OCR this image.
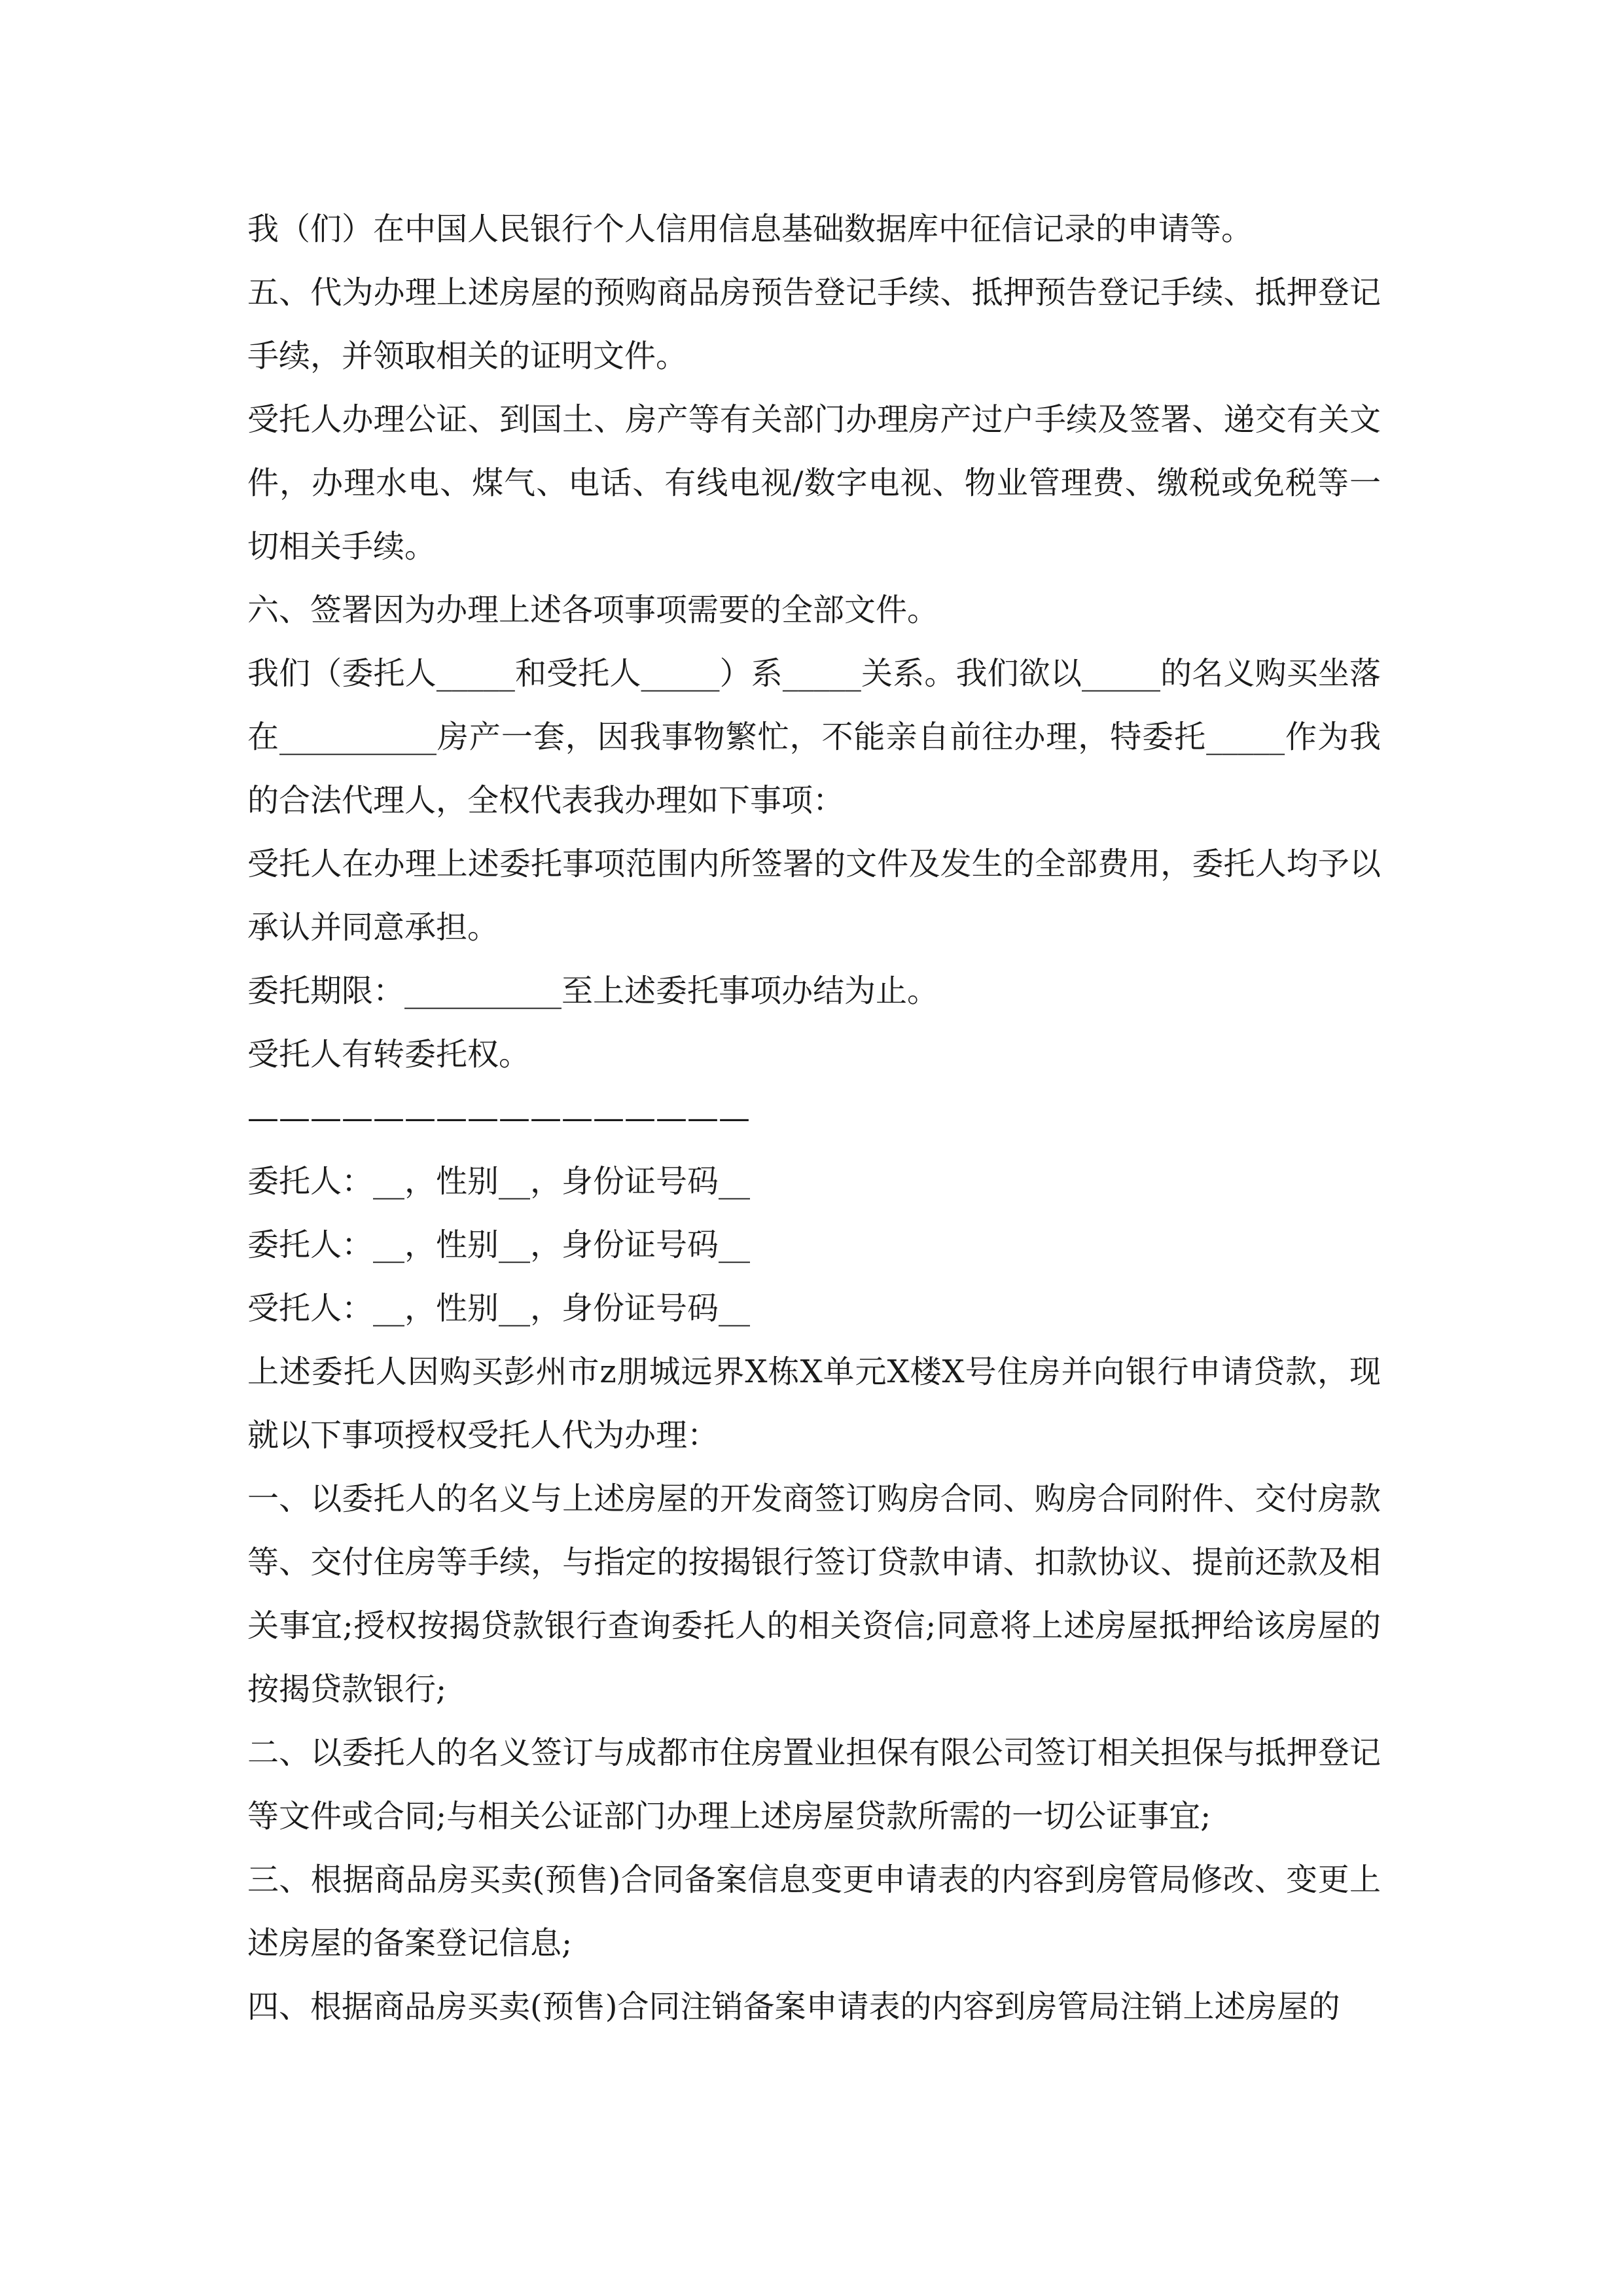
我（们）在中国人民银行个人信用信息基础数据库中征信记录的申请等。

五、代为办理上述房屋的预购商品房预告登记手续、抵押预告登记手续、抵押登记手续，并领取相关的证明文件。

受托人办理公证、到国土、房产等有关部门办理房产过户手续及签署、递交有关文件，办理水电、煤气、电话、有线电视/数字电视、物业管理费、缴税或免税等一切相关手续。

六、签署因为办理上述各项事项需要的全部文件。

我们（委托人_____和受托人_____）系_____关系。我们欲以_____的名义购买坐落在__________房产一套，因我事物繁忙，不能亲自前往办理，特委托_____作为我的合法代理人，全权代表我办理如下事项：

受托人在办理上述委托事项范围内所签署的文件及发生的全部费用，委托人均予以承认并同意承担。

委托期限：__________至上述委托事项办结为止。

受托人有转委托权。

————————————————

委托人：__，性别__，身份证号码__

委托人：__，性别__，身份证号码__

受托人：__，性别__，身份证号码__

上述委托人因购买彭州市z朋城远界X栋X单元X楼X号住房并向银行申请贷款，现就以下事项授权受托人代为办理：

一、以委托人的名义与上述房屋的开发商签订购房合同、购房合同附件、交付房款等、交付住房等手续，与指定的按揭银行签订贷款申请、扣款协议、提前还款及相关事宜;授权按揭贷款银行查询委托人的相关资信;同意将上述房屋抵押给该房屋的按揭贷款银行;

二、以委托人的名义签订与成都市住房置业担保有限公司签订相关担保与抵押登记等文件或合同;与相关公证部门办理上述房屋贷款所需的一切公证事宜;

三、根据商品房买卖(预售)合同备案信息变更申请表的内容到房管局修改、变更上述房屋的备案登记信息;

四、根据商品房买卖(预售)合同注销备案申请表的内容到房管局注销上述房屋的
